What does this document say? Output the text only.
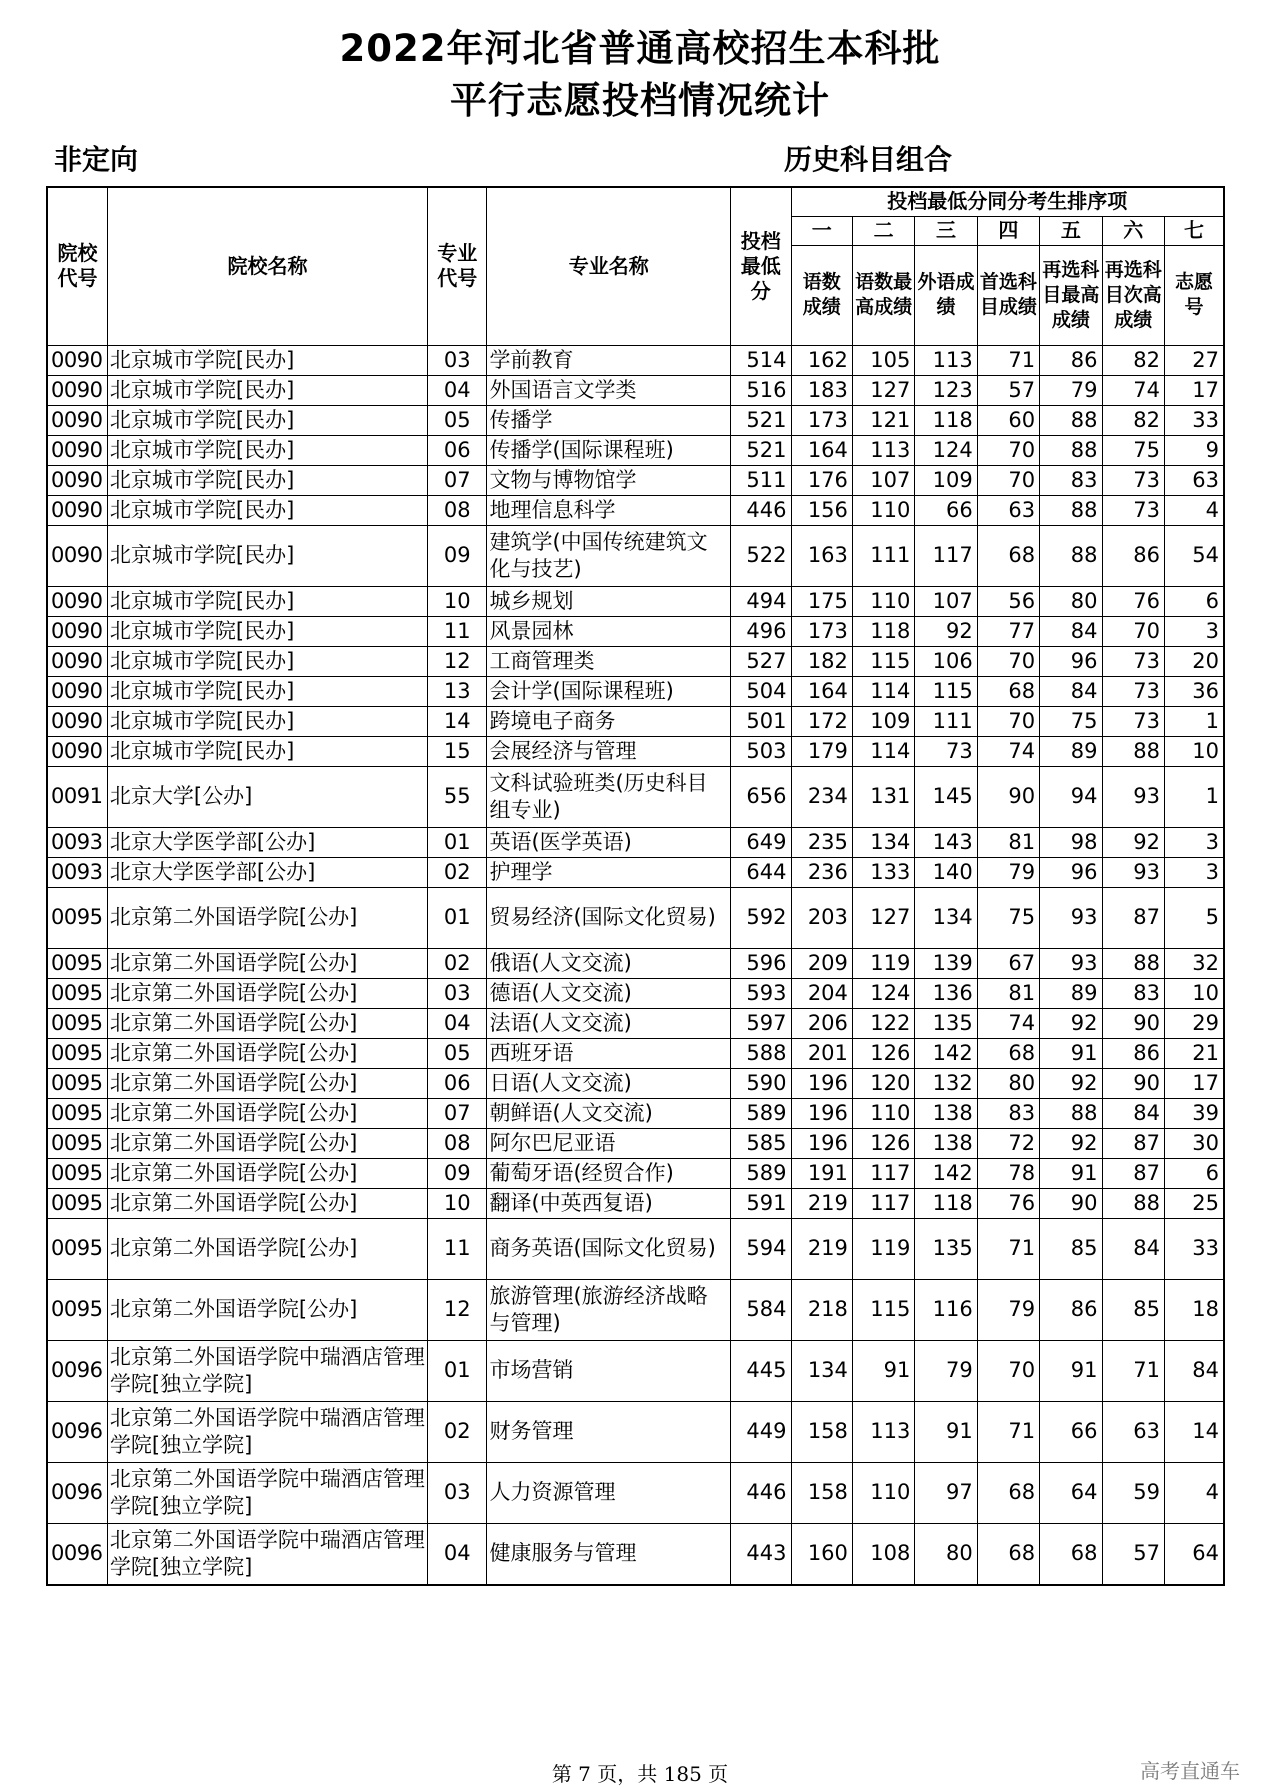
2022年河北省普通高校招生本科批
平行志愿投档情况统计
非定向	历史科目组合
院校代号	院校名称	专业代号	专业名称	投档最低分	投档最低分同分考生排序项						
					一	二	三	四	五	六	七
					语数成绩	语数最高成绩	外语成绩	首选科目成绩	再选科目最高成绩	再选科目次高成绩	志愿号
0090	北京城市学院[民办]	03	学前教育	514	162	105	113	71	86	82	27
0090	北京城市学院[民办]	04	外国语言文学类	516	183	127	123	57	79	74	17
0090	北京城市学院[民办]	05	传播学	521	173	121	118	60	88	82	33
0090	北京城市学院[民办]	06	传播学(国际课程班)	521	164	113	124	70	88	75	9
0090	北京城市学院[民办]	07	文物与博物馆学	511	176	107	109	70	83	73	63
0090	北京城市学院[民办]	08	地理信息科学	446	156	110	66	63	88	73	4
0090	北京城市学院[民办]	09	建筑学(中国传统建筑文化与技艺)	522	163	111	117	68	88	86	54
0090	北京城市学院[民办]	10	城乡规划	494	175	110	107	56	80	76	6
0090	北京城市学院[民办]	11	风景园林	496	173	118	92	77	84	70	3
0090	北京城市学院[民办]	12	工商管理类	527	182	115	106	70	96	73	20
0090	北京城市学院[民办]	13	会计学(国际课程班)	504	164	114	115	68	84	73	36
0090	北京城市学院[民办]	14	跨境电子商务	501	172	109	111	70	75	73	1
0090	北京城市学院[民办]	15	会展经济与管理	503	179	114	73	74	89	88	10
0091	北京大学[公办]	55	文科试验班类(历史科目组专业)	656	234	131	145	90	94	93	1
0093	北京大学医学部[公办]	01	英语(医学英语)	649	235	134	143	81	98	92	3
0093	北京大学医学部[公办]	02	护理学	644	236	133	140	79	96	93	3
0095	北京第二外国语学院[公办]	01	贸易经济(国际文化贸易)	592	203	127	134	75	93	87	5
0095	北京第二外国语学院[公办]	02	俄语(人文交流)	596	209	119	139	67	93	88	32
0095	北京第二外国语学院[公办]	03	德语(人文交流)	593	204	124	136	81	89	83	10
0095	北京第二外国语学院[公办]	04	法语(人文交流)	597	206	122	135	74	92	90	29
0095	北京第二外国语学院[公办]	05	西班牙语	588	201	126	142	68	91	86	21
0095	北京第二外国语学院[公办]	06	日语(人文交流)	590	196	120	132	80	92	90	17
0095	北京第二外国语学院[公办]	07	朝鲜语(人文交流)	589	196	110	138	83	88	84	39
0095	北京第二外国语学院[公办]	08	阿尔巴尼亚语	585	196	126	138	72	92	87	30
0095	北京第二外国语学院[公办]	09	葡萄牙语(经贸合作)	589	191	117	142	78	91	87	6
0095	北京第二外国语学院[公办]	10	翻译(中英西复语)	591	219	117	118	76	90	88	25
0095	北京第二外国语学院[公办]	11	商务英语(国际文化贸易)	594	219	119	135	71	85	84	33
0095	北京第二外国语学院[公办]	12	旅游管理(旅游经济战略与管理)	584	218	115	116	79	86	85	18
0096	北京第二外国语学院中瑞酒店管理学院[独立学院]	01	市场营销	445	134	91	79	70	91	71	84
0096	北京第二外国语学院中瑞酒店管理学院[独立学院]	02	财务管理	449	158	113	91	71	66	63	14
0096	北京第二外国语学院中瑞酒店管理学院[独立学院]	03	人力资源管理	446	158	110	97	68	64	59	4
0096	北京第二外国语学院中瑞酒店管理学院[独立学院]	04	健康服务与管理	443	160	108	80	68	68	57	64
第 7 页，共 185 页	高考直通车
